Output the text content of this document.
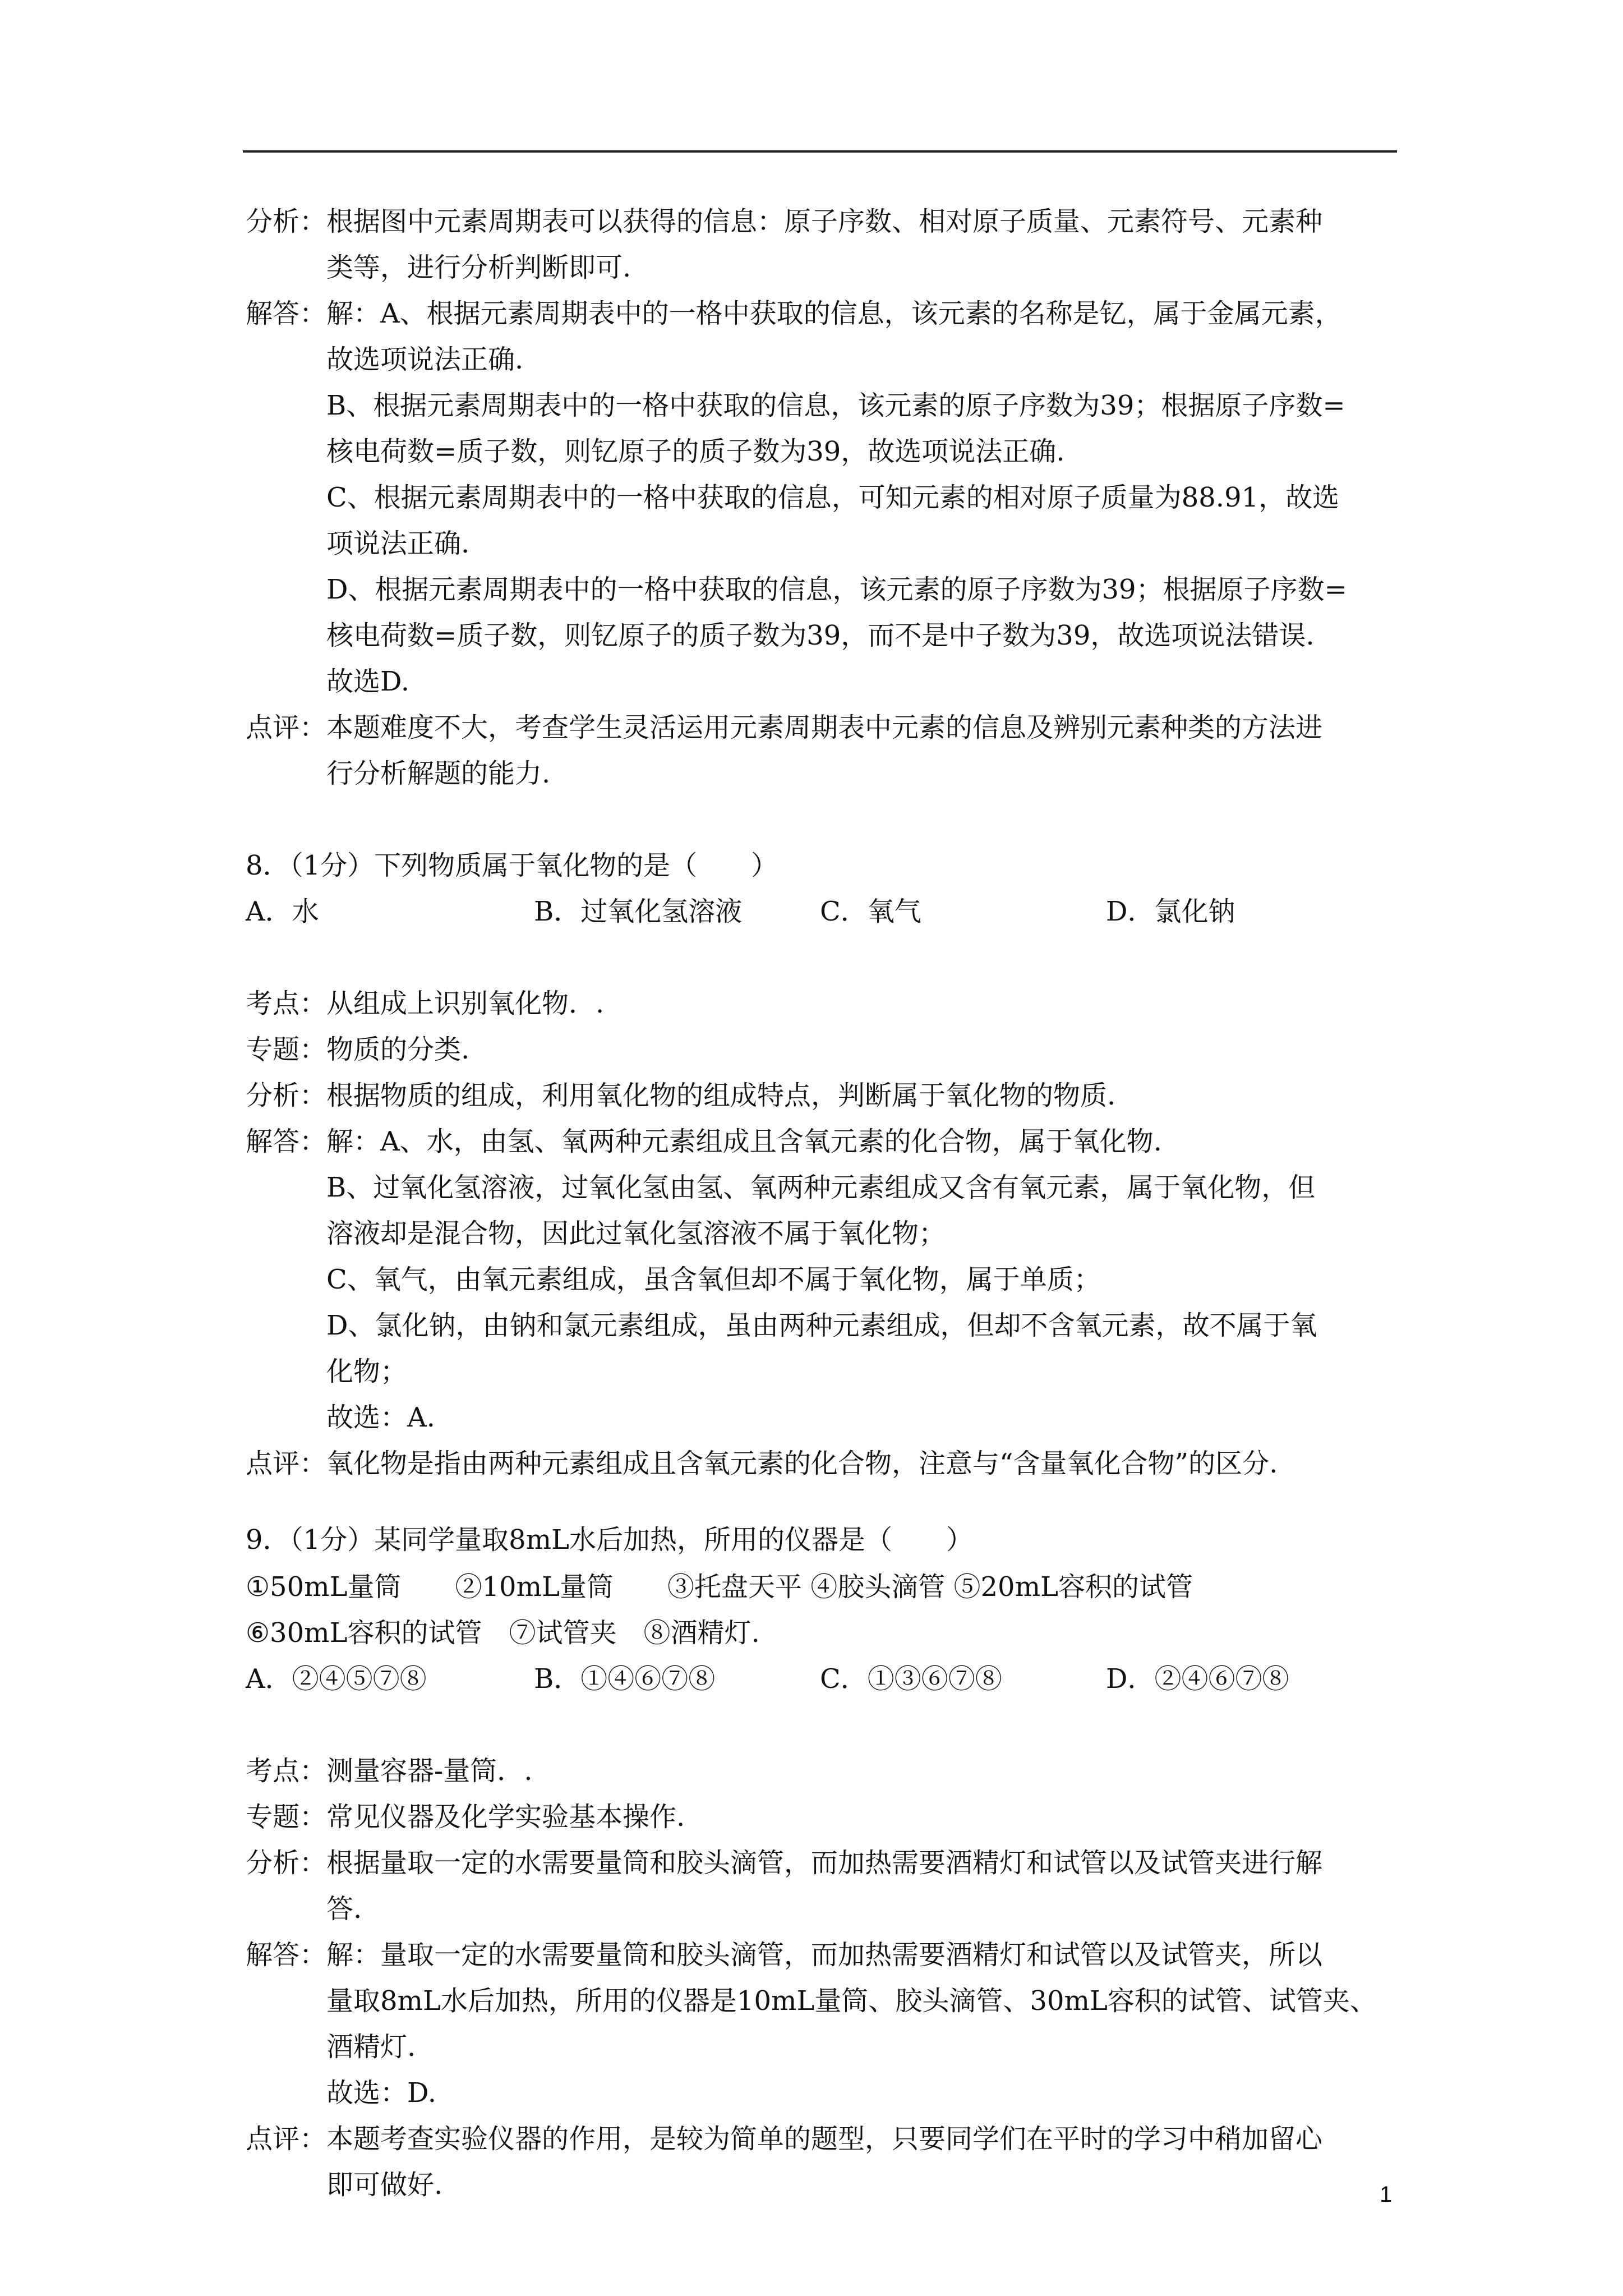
分析：根据图中元素周期表可以获得的信息：原子序数、相对原子质量、元素符号、元素种
类等，进行分析判断即可.
解答：解：A、根据元素周期表中的一格中获取的信息，该元素的名称是钇，属于金属元素，
故选项说法正确.
B、根据元素周期表中的一格中获取的信息，该元素的原子序数为39；根据原子序数=
核电荷数=质子数，则钇原子的质子数为39，故选项说法正确.
C、根据元素周期表中的一格中获取的信息，可知元素的相对原子质量为88.91，故选
项说法正确.
D、根据元素周期表中的一格中获取的信息，该元素的原子序数为39；根据原子序数=
核电荷数=质子数，则钇原子的质子数为39，而不是中子数为39，故选项说法错误.
故选D.
点评：本题难度不大，考查学生灵活运用元素周期表中元素的信息及辨别元素种类的方法进
行分析解题的能力.
8．（1分）下列物质属于氧化物的是（　　）
A．水	B．过氧化氢溶液	C．氧气	D．氯化钠
考点：从组成上识别氧化物．.
专题：物质的分类.
分析：根据物质的组成，利用氧化物的组成特点，判断属于氧化物的物质.
解答：解：A、水，由氢、氧两种元素组成且含氧元素的化合物，属于氧化物.
B、过氧化氢溶液，过氧化氢由氢、氧两种元素组成又含有氧元素，属于氧化物，但
溶液却是混合物，因此过氧化氢溶液不属于氧化物；
C、氧气，由氧元素组成，虽含氧但却不属于氧化物，属于单质；
D、氯化钠，由钠和氯元素组成，虽由两种元素组成，但却不含氧元素，故不属于氧
化物；
故选：A.
点评：氧化物是指由两种元素组成且含氧元素的化合物，注意与“含量氧化合物”的区分.
9．（1分）某同学量取8mL水后加热，所用的仪器是（　　）
①50mL量筒　　②10mL量筒　　③托盘天平 ④胶头滴管 ⑤20mL容积的试管
⑥30mL容积的试管　⑦试管夹　⑧酒精灯.
A．②④⑤⑦⑧	B．①④⑥⑦⑧	C．①③⑥⑦⑧	D．②④⑥⑦⑧
考点：测量容器-量筒．.
专题：常见仪器及化学实验基本操作.
分析：根据量取一定的水需要量筒和胶头滴管，而加热需要酒精灯和试管以及试管夹进行解
答.
解答：解：量取一定的水需要量筒和胶头滴管，而加热需要酒精灯和试管以及试管夹，所以
量取8mL水后加热，所用的仪器是10mL量筒、胶头滴管、30mL容积的试管、试管夹、
酒精灯.
故选：D.
点评：本题考查实验仪器的作用，是较为简单的题型，只要同学们在平时的学习中稍加留心
即可做好.	1
